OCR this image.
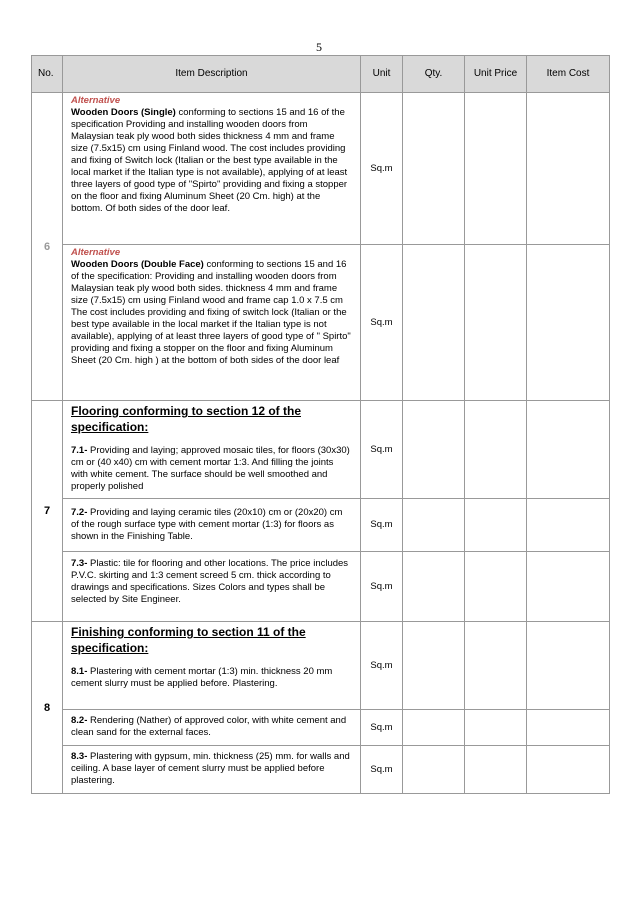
5
No.	Item Description	Unit	Qty.	Unit Price	Item Cost
6	Alternative
Wooden Doors (Single) conforming to sections 15 and 16 of the specification Providing and installing wooden doors from Malaysian teak ply wood both sides thickness 4 mm and frame size (7.5x15) cm using Finland wood. The cost includes providing and fixing of Switch lock (Italian or the best type available in the local market if the Italian type is not available), applying of at least three layers of good type of "Spirto" providing and fixing a stopper on the floor and fixing Aluminum Sheet (20 Cm. high) at the bottom. Of both sides of the door leaf.	Sq.m			

	Alternative
Wooden Doors (Double Face) conforming to sections 15 and 16 of the specification: Providing and installing wooden doors from Malaysian teak ply wood both sides. thickness 4 mm and frame size (7.5x15) cm using Finland wood and frame cap 1.0 x 7.5 cm The cost includes providing and fixing of switch lock (Italian or the best type available in the local market if the Italian type is not available), applying of at least three layers of good type of " Spirto" providing and fixing a stopper on the floor and fixing Aluminum Sheet (20 Cm. high ) at the bottom of both sides of the door leaf	Sq.m			
7	Flooring conforming to section 12 of the specification:
7.1- Providing and laying; approved mosaic tiles, for floors (30x30) cm or (40 x40) cm with cement mortar 1:3. And filling the joints with white cement. The surface should be well smoothed and properly polished	Sq.m			
	7.2- Providing and laying ceramic tiles (20x10) cm or (20x20) cm of the rough surface type with cement mortar (1:3) for floors as shown in the Finishing Table.	Sq.m			
	7.3- Plastic: tile for flooring and other locations. The price includes P.V.C. skirting and 1:3 cement screed 5 cm. thick according to drawings and specifications. Sizes Colors and types shall be selected by Site Engineer.	Sq.m			
8	Finishing conforming to section 11 of the specification:
8.1- Plastering with cement mortar (1:3) min. thickness 20 mm cement slurry must be applied before. Plastering.	Sq.m			
	8.2- Rendering (Nather) of approved color, with white cement and clean sand for the external faces.	Sq.m			
	8.3- Plastering with gypsum, min. thickness (25) mm. for walls and ceiling. A base layer of cement slurry must be applied before plastering.	Sq.m			
